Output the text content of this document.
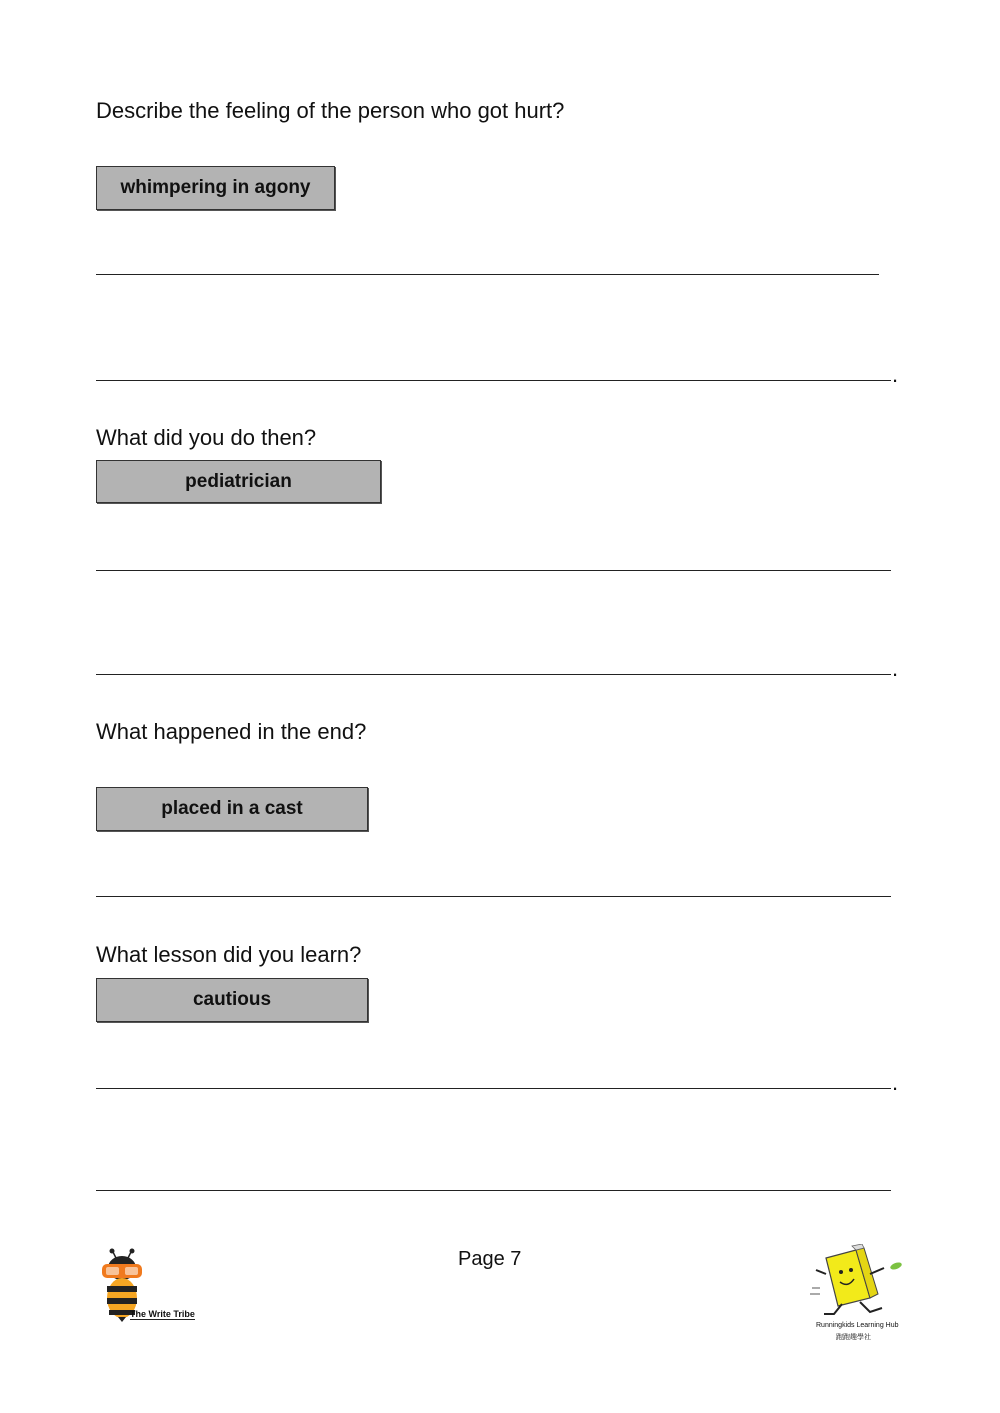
Describe the feeling of the person who got hurt?
whimpering in agony
.
What did you do then?
pediatrician
.
What happened in the end?
placed in a cast
What lesson did you learn?
cautious
.
Page 7
The Write Tribe
Runningkids Learning Hub
跑跑趣學社
